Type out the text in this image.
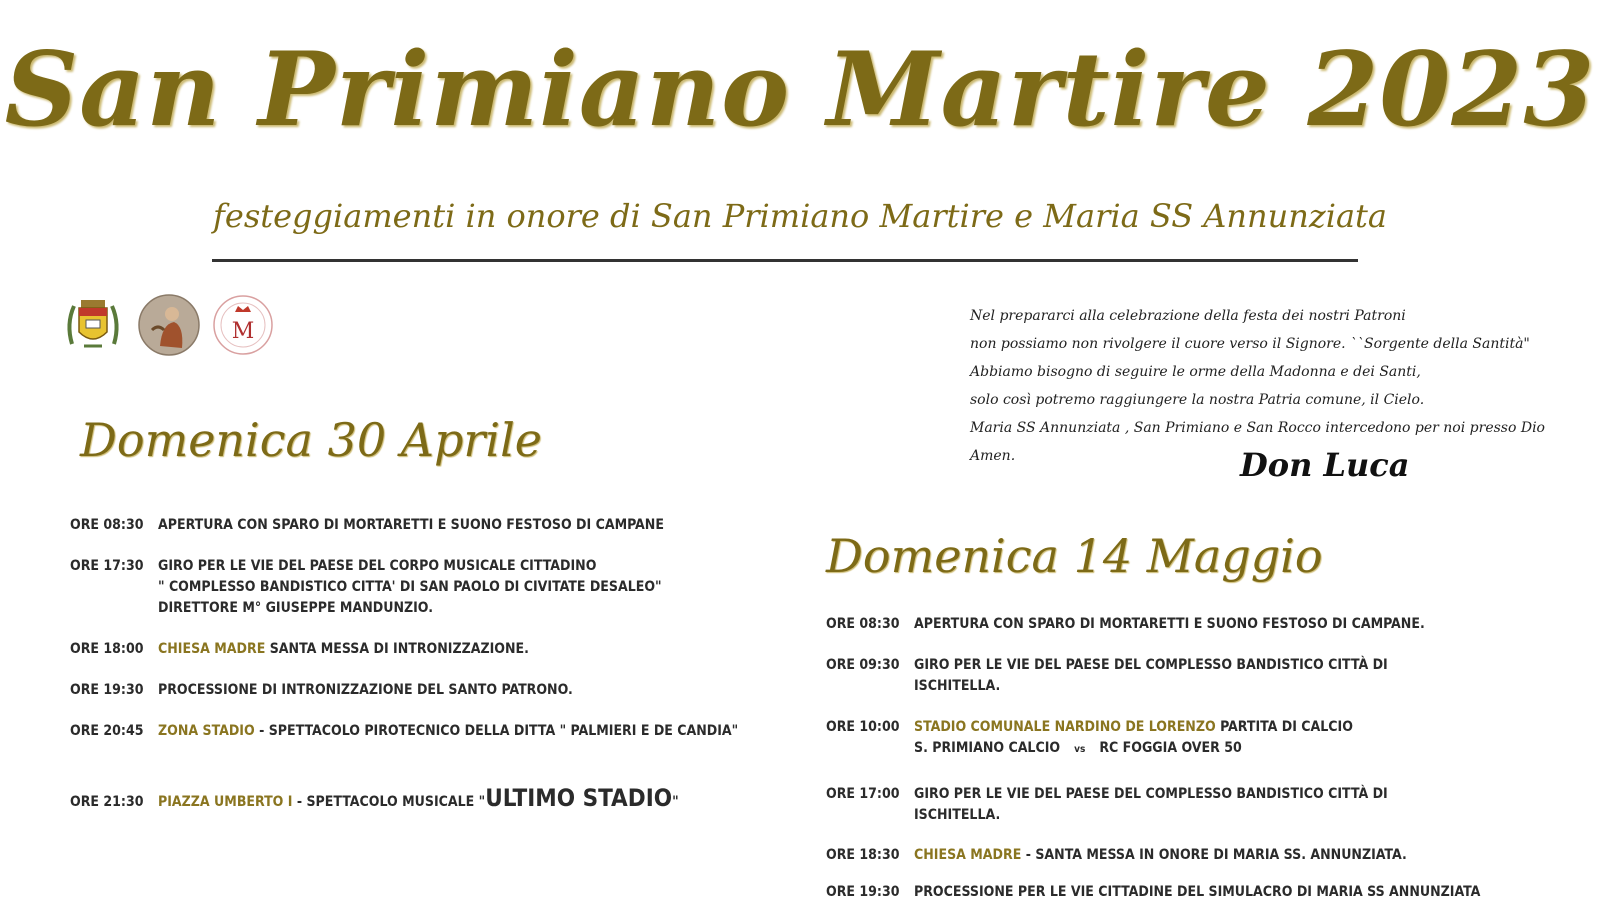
San Primiano Martire 2023
festeggiamenti in onore di San Primiano Martire e Maria SS Annunziata
M
Nel prepararci alla celebrazione della festa dei nostri Patroni
non possiamo non rivolgere il cuore verso il Signore. ``Sorgente della Santità"
Abbiamo bisogno di seguire le orme della Madonna e dei Santi,
solo così potremo raggiungere la nostra Patria comune, il Cielo.
Maria SS Annunziata , San Primiano e San Rocco intercedono per noi presso Dio
Amen.	Don Luca
Domenica 30 Aprile
ORE 08:30 APERTURA CON SPARO DI MORTARETTI E SUONO FESTOSO DI CAMPANE
ORE 17:30 GIRO PER LE VIE DEL PAESE DEL CORPO MUSICALE CITTADINO
" COMPLESSO BANDISTICO CITTA' DI SAN PAOLO DI CIVITATE DESALEO"
DIRETTORE M° GIUSEPPE MANDUNZIO.
ORE 18:00 CHIESA MADRE SANTA MESSA DI INTRONIZZAZIONE.
ORE 19:30 PROCESSIONE DI INTRONIZZAZIONE DEL SANTO PATRONO.
ORE 20:45 ZONA STADIO - SPETTACOLO PIROTECNICO DELLA DITTA " PALMIERI E DE CANDIA"
ORE 21:30 PIAZZA UMBERTO I - SPETTACOLO MUSICALE "ULTIMO STADIO"
Domenica 14 Maggio
ORE 08:30 APERTURA CON SPARO DI MORTARETTI E SUONO FESTOSO DI CAMPANE.
ORE 09:30 GIRO PER LE VIE DEL PAESE DEL COMPLESSO BANDISTICO CITTÀ DI
ISCHITELLA.
ORE 10:00 STADIO COMUNALE NARDINO DE LORENZO PARTITA DI CALCIO
S. PRIMIANO CALCIO vs RC FOGGIA OVER 50
ORE 17:00 GIRO PER LE VIE DEL PAESE DEL COMPLESSO BANDISTICO CITTÀ DI
ISCHITELLA.
ORE 18:30 CHIESA MADRE - SANTA MESSA IN ONORE DI MARIA SS. ANNUNZIATA.
ORE 19:30 PROCESSIONE PER LE VIE CITTADINE DEL SIMULACRO DI MARIA SS ANNUNZIATA
